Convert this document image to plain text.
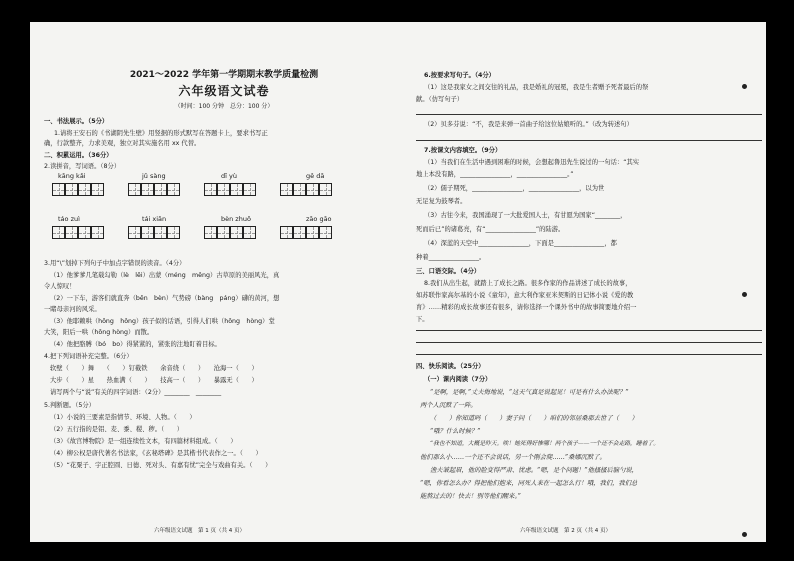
2021～2022 学年第一学期期末教学质量检测
六年级语文试卷
（时间：100 分钟　总分：100 分）
一、书法展示。（5分）
1.请将王安石的《书湖阴先生壁》用竖据的形式默写在答题卡上，要求书写正
确，行款整齐，力求美观，独立对其实施名用 xx 代替。
二、积累运用。（36分）
2.读拼音，写词语。（8分）
kāng kǎi	jǔ sàng	dī yù	gě dā
táo zuì	tái xiān	bèn zhuō	zāo gāo
3.用“\”划掉下列句子中加点字错误的读音。（4分）
（1）他爹爹几笔载勾勒（lè　lēi）出蒙（méng　měng）古草原的美丽风光，真
令人惊叹！
（2）一下车，游客们就直奔（bēn　bèn）气势磅（bàng　páng）礴的黄河，想
一睹母亲河的风采。
（3）他耶赖哄（hōng　hǒng）孩子似的话语，引得人们哄（hōng　hòng）堂
大笑，阳后一哄（hōng hòng）而散。
（4）他把胳膊（bó　bo）得紧紧的，紧张的注地盯着目标。
4.把下列词语补充完整。（6分）
软壁（　　）舞　　（　　）钉截铁　　余音绕（　　）　　沧海一（　　）
大步（　　）星　　热血满（　　）　　技高一（　　）　　暴露无（　　）
请写两个与“说”有关的四字词语：（2分）________　________
5.判断题。（5分）
（1）小说的三要素是指情节、环境、人物。（　　）
（2）五行指的是铝、麦、黍、稷、秽。（　　）
（3）《故宫博物院》是一组连续性文本，有四篇材料组成。（　　）
（4）柳公权是唐代著名书法家，《玄秘塔碑》是其楷书代表作之一。（　　）
（5）“花粟子、宇正腔圆、日德、死对头、有嘉有忧”完全与戏曲有关。（　　）
六年级语文试题　第 1 页（共 4 页）
6.按要求写句子。（4分）
（1）这是我家女之间交往的礼品，我是婚礼的冠冕，我是生者赠予死者最后的祭
献。（仿写句子）
（2）贝多芬说：“不，我是来弹一首曲子给这位姑娘听的。”（改为转述句）
7.按课文内容填空。（9分）
（1）当我们在生活中遇到困难的时候，会想起鲁迅先生说过的一句话：“其实
地上本没有路，________________，________________。”
（2）儒子期死，________________，________________，以为世
无足复为鼓琴者。
（3）古往今来，我国涌现了一大批爱国人士，有甘愿为国家“________，
死而后已”的诸葛亮，有“________________”的陆游。
（4）深蓝的天空中________________，下面是________________，都
种着________________。
三、口语交际。（4分）
8.我们从出生起，就踏上了成长之路。很多作家的作品讲述了成长的故事，
如苏联作家高尔基的小说《童年》，意大利作家亚米契斯的日记体小说《爱的教
育》……精彩的成长故事还有很多，请你选择一个课外书中的故事简要地介绍一
下。
四、快乐阅读。（25分）
（一）课内阅读（7分）
“是啊，是啊，”丈夫悔地说，“这天气真是说起见！可是有什么办法呢？”
两个人沉默了一阵。
（　　）你知道吗（　　）妻子问（　　）咱们的邻居桑那去世了（　　）
“哦？什么时候？”
“我也不知道，大概是昨天。唉！她死得好惨哪！两个孩子——一个还不会走路，睡着了。
他们那么小……一个还不会说话，另一个刚会爬……”桑娜沉默了。
渔夫皱起眉，他的脸变得严肃、忧虑。“嗯，是个问题！”他搔搔后脑勺说，
“嗯，你看怎么办？得把他们抱来，同死人来在一起怎么行！哦，我们，我们总
能熬过去的！快去！别等他们醒来。”
六年级语文试题　第 2 页（共 4 页）
